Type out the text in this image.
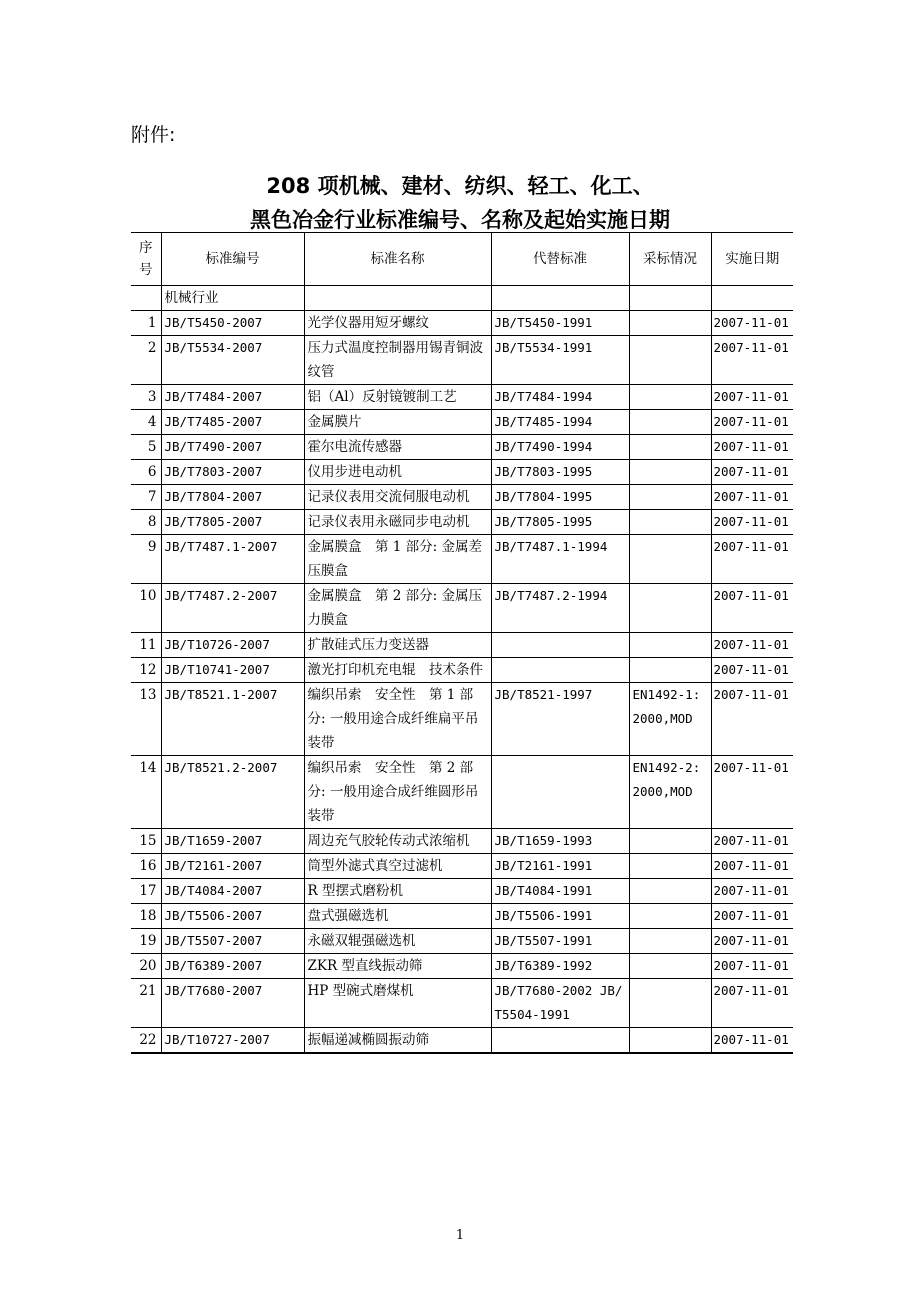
附件:
208 项机械、建材、纺织、轻工、化工、
黑色冶金行业标准编号、名称及起始实施日期
序号	标准编号	标准名称	代替标准	采标情况	实施日期
	机械行业				
1	JB/T5450-2007	光学仪器用短牙螺纹	JB/T5450-1991		2007-11-01
2	JB/T5534-2007	压力式温度控制器用锡青铜波纹管	JB/T5534-1991		2007-11-01
3	JB/T7484-2007	铝（Al）反射镜镀制工艺	JB/T7484-1994		2007-11-01
4	JB/T7485-2007	金属膜片	JB/T7485-1994		2007-11-01
5	JB/T7490-2007	霍尔电流传感器	JB/T7490-1994		2007-11-01
6	JB/T7803-2007	仪用步进电动机	JB/T7803-1995		2007-11-01
7	JB/T7804-2007	记录仪表用交流伺服电动机	JB/T7804-1995		2007-11-01
8	JB/T7805-2007	记录仪表用永磁同步电动机	JB/T7805-1995		2007-11-01
9	JB/T7487.1-2007	金属膜盒　第 1 部分: 金属差压膜盒	JB/T7487.1-1994		2007-11-01
10	JB/T7487.2-2007	金属膜盒　第 2 部分: 金属压力膜盒	JB/T7487.2-1994		2007-11-01
11	JB/T10726-2007	扩散硅式压力变送器			2007-11-01
12	JB/T10741-2007	激光打印机充电辊　技术条件			2007-11-01
13	JB/T8521.1-2007	编织吊索　安全性　第 1 部分: 一般用途合成纤维扁平吊装带	JB/T8521-1997	EN1492-1:2000,MOD	2007-11-01
14	JB/T8521.2-2007	编织吊索　安全性　第 2 部分: 一般用途合成纤维圆形吊装带		EN1492-2:2000,MOD	2007-11-01
15	JB/T1659-2007	周边充气胶轮传动式浓缩机	JB/T1659-1993		2007-11-01
16	JB/T2161-2007	筒型外滤式真空过滤机	JB/T2161-1991		2007-11-01
17	JB/T4084-2007	R 型摆式磨粉机	JB/T4084-1991		2007-11-01
18	JB/T5506-2007	盘式强磁选机	JB/T5506-1991		2007-11-01
19	JB/T5507-2007	永磁双辊强磁选机	JB/T5507-1991		2007-11-01
20	JB/T6389-2007	ZKR 型直线振动筛	JB/T6389-1992		2007-11-01
21	JB/T7680-2007	HP 型碗式磨煤机	JB/T7680-2002 JB/T5504-1991		2007-11-01
22	JB/T10727-2007	振幅递减椭圆振动筛			2007-11-01
1
